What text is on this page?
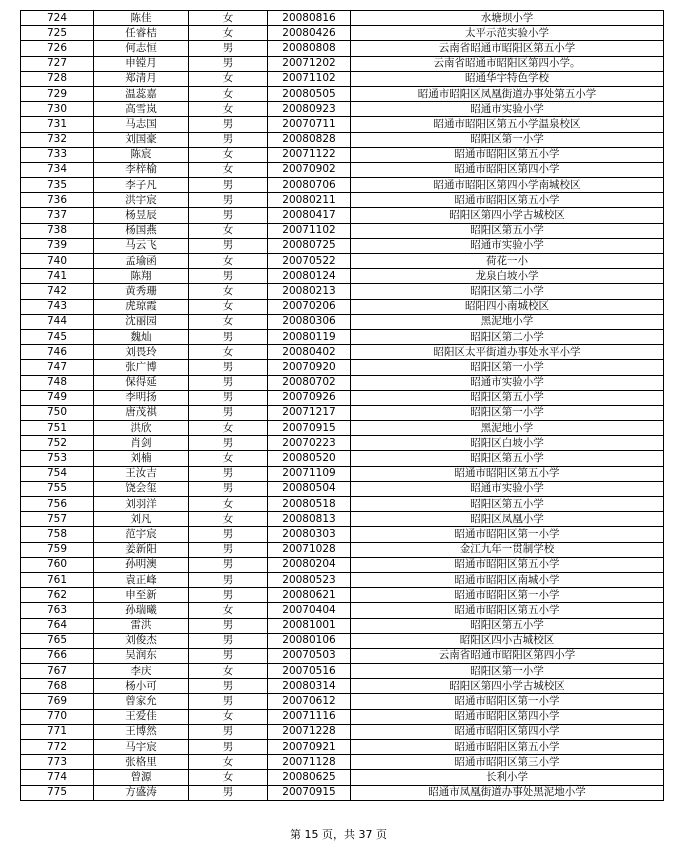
724	陈佳	女	20080816	水塘坝小学
725	任睿桔	女	20080426	太平示范实验小学
726	何志恒	男	20080808	云南省昭通市昭阳区第五小学
727	申镗月	男	20071202	云南省昭通市昭阳区第四小学。
728	郑清月	女	20071102	昭通华宇特色学校
729	温蕊嘉	女	20080505	昭通市昭阳区凤凰街道办事处第五小学
730	高雪岚	女	20080923	昭通市实验小学
731	马志国	男	20070711	昭通市昭阳区第五小学温泉校区
732	刘国豪	男	20080828	昭阳区第一小学
733	陈宸	女	20071122	昭通市昭阳区第五小学
734	李梓榆	女	20070902	昭通市昭阳区第四小学
735	李子凡	男	20080706	昭通市昭阳区第四小学南城校区
736	洪宇宸	男	20080211	昭通市昭阳区第五小学
737	杨昱辰	男	20080417	昭阳区第四小学古城校区
738	杨国燕	女	20071102	昭阳区第五小学
739	马云飞	男	20080725	昭通市实验小学
740	孟瑜函	女	20070522	荷花一小
741	陈翔	男	20080124	龙泉白坡小学
742	黄秀珊	女	20080213	昭阳区第二小学
743	虎琼霞	女	20070206	昭阳四小南城校区
744	沈丽园	女	20080306	黑泥地小学
745	魏灿	男	20080119	昭阳区第二小学
746	刘畏玲	女	20080402	昭阳区太平街道办事处水平小学
747	张广博	男	20070920	昭阳区第一小学
748	保得延	男	20080702	昭通市实验小学
749	李明扬	男	20070926	昭阳区第五小学
750	唐茂祺	男	20071217	昭阳区第一小学
751	洪欣	女	20070915	黑泥地小学
752	肖剑	男	20070223	昭阳区白坡小学
753	刘楠	女	20080520	昭阳区第五小学
754	王汝吉	男	20071109	昭通市昭阳区第五小学
755	饶会玺	男	20080504	昭通市实验小学
756	刘羽洋	女	20080518	昭阳区第五小学
757	刘凡	女	20080813	昭阳区凤凰小学
758	范宇宸	男	20080303	昭通市昭阳区第一小学
759	姜新阳	男	20071028	金江九年一贯制学校
760	孙明澳	男	20080204	昭通市昭阳区第五小学
761	袁正峰	男	20080523	昭通市昭阳区南城小学
762	申至新	男	20080621	昭通市昭阳区第一小学
763	孙瑞曦	女	20070404	昭通市昭阳区第五小学
764	雷洪	男	20081001	昭阳区第五小学
765	刘俊杰	男	20080106	昭阳区四小古城校区
766	吴润东	男	20070503	云南省昭通市昭阳区第四小学
767	李庆	女	20070516	昭阳区第一小学
768	杨小可	男	20080314	昭阳区第四小学古城校区
769	曾家允	男	20070612	昭通市昭阳区第一小学
770	王爱佳	女	20071116	昭通市昭阳区第四小学
771	王博然	男	20071228	昭通市昭阳区第四小学
772	马宇宸	男	20070921	昭通市昭阳区第五小学
773	张格里	女	20071128	昭通市昭阳区第三小学
774	曾源	女	20080625	长利小学
775	方盛涛	男	20070915	昭通市凤凰街道办事处黑泥地小学
第 15 页，共 37 页
